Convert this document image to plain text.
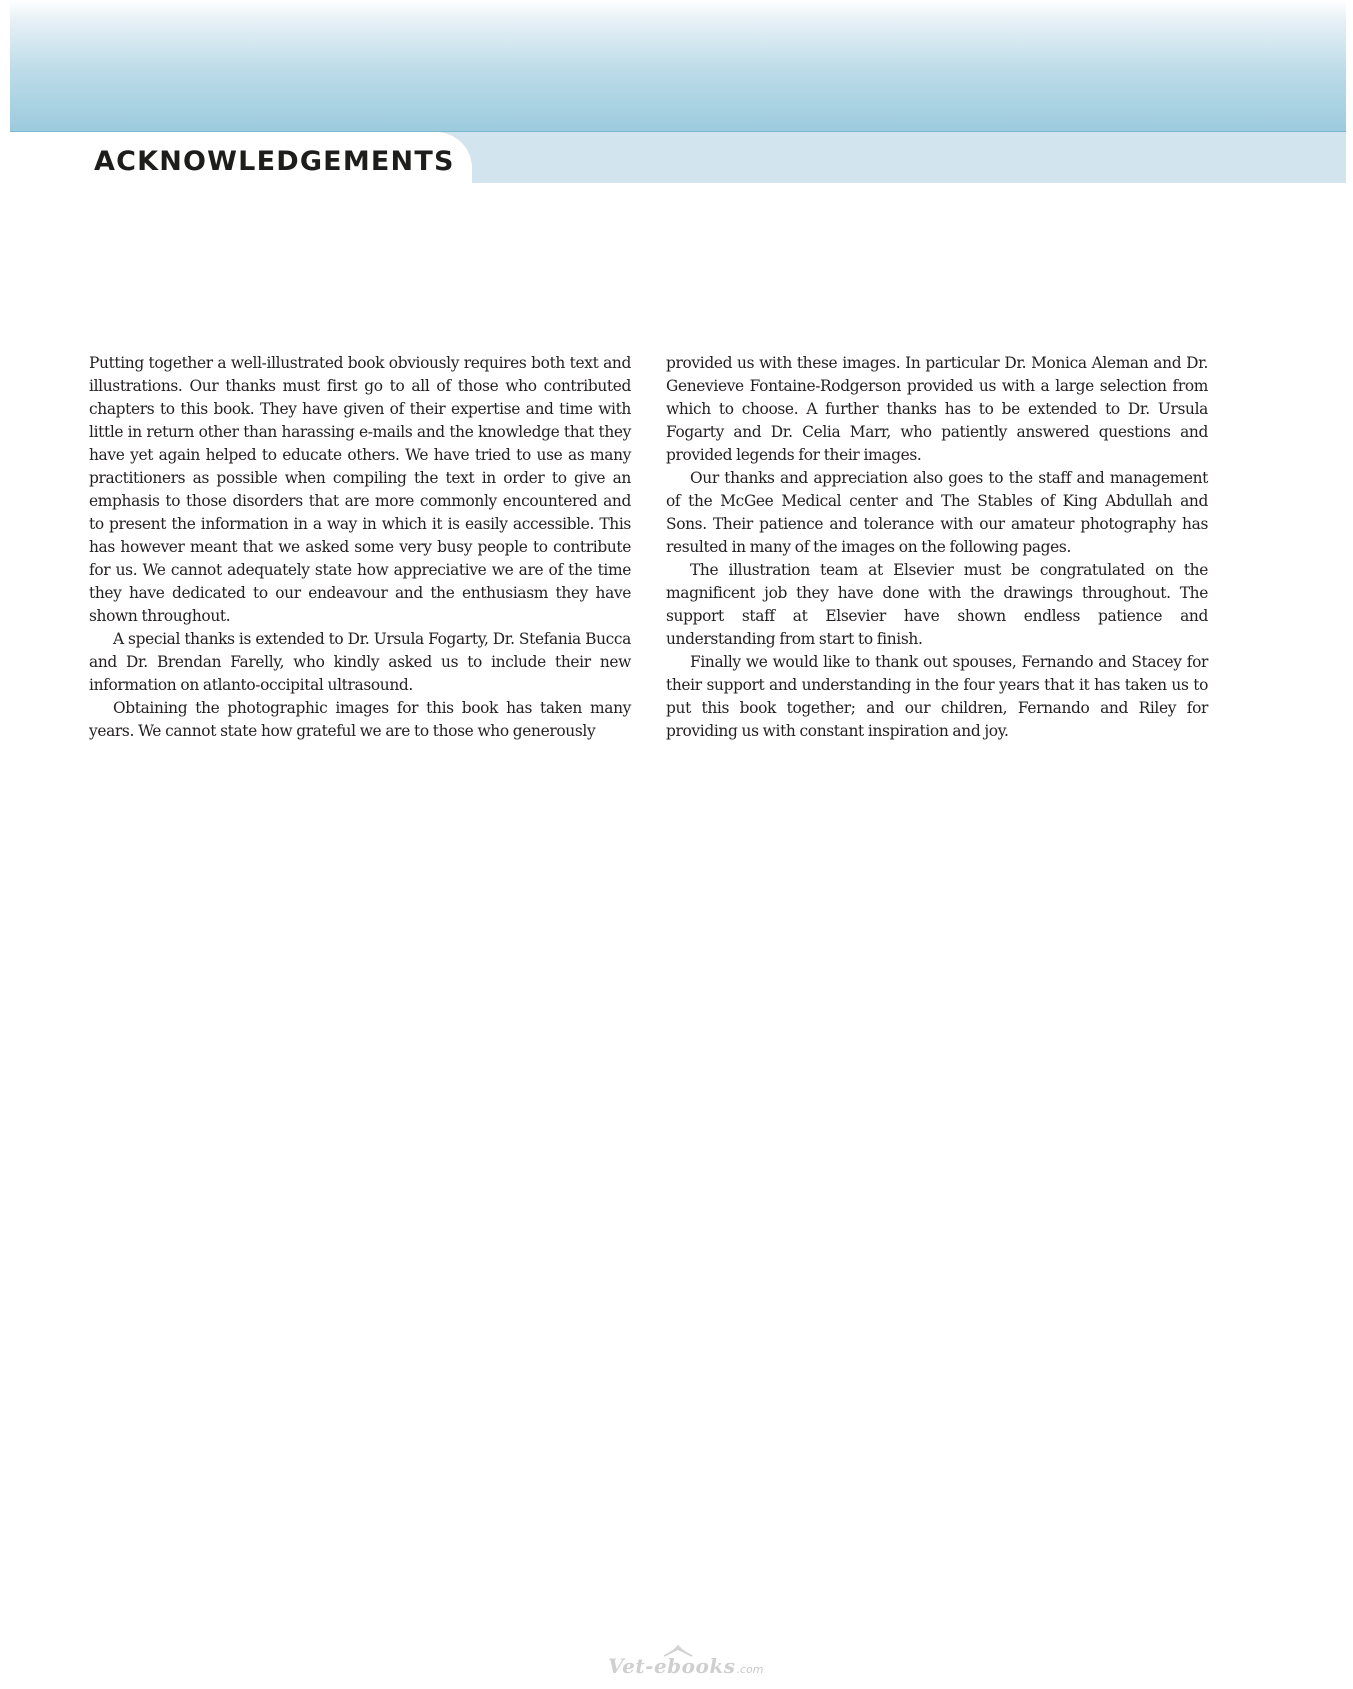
ACKNOWLEDGEMENTS

Putting together a well-illustrated book obviously requires both text and illustrations. Our thanks must first go to all of those who contributed chapters to this book. They have given of their expertise and time with little in return other than harassing e-mails and the knowledge that they have yet again helped to educate others. We have tried to use as many practitioners as possible when compiling the text in order to give an emphasis to those disorders that are more commonly encountered and to present the information in a way in which it is easily accessible. This has however meant that we asked some very busy people to contribute for us. We cannot adequately state how appreciative we are of the time they have dedicated to our endeavour and the enthusiasm they have shown throughout.

A special thanks is extended to Dr. Ursula Fogarty, Dr. Stefania Bucca and Dr. Brendan Farelly, who kindly asked us to include their new information on atlanto-occipital ultrasound.

Obtaining the photographic images for this book has taken many years. We cannot state how grateful we are to those who generously

provided us with these images. In particular Dr. Monica Aleman and Dr. Genevieve Fontaine-Rodgerson provided us with a large selection from which to choose. A further thanks has to be extended to Dr. Ursula Fogarty and Dr. Celia Marr, who patiently answered questions and provided legends for their images.

Our thanks and appreciation also goes to the staff and management of the McGee Medical center and The Stables of King Abdullah and Sons. Their patience and tolerance with our amateur photography has resulted in many of the images on the following pages.

The illustration team at Elsevier must be congratulated on the magnificent job they have done with the drawings throughout. The support staff at Elsevier have shown endless patience and understanding from start to finish.

Finally we would like to thank out spouses, Fernando and Stacey for their support and understanding in the four years that it has taken us to put this book together; and our children, Fernando and Riley for providing us with constant inspiration and joy.

Vet-ebooks .com
